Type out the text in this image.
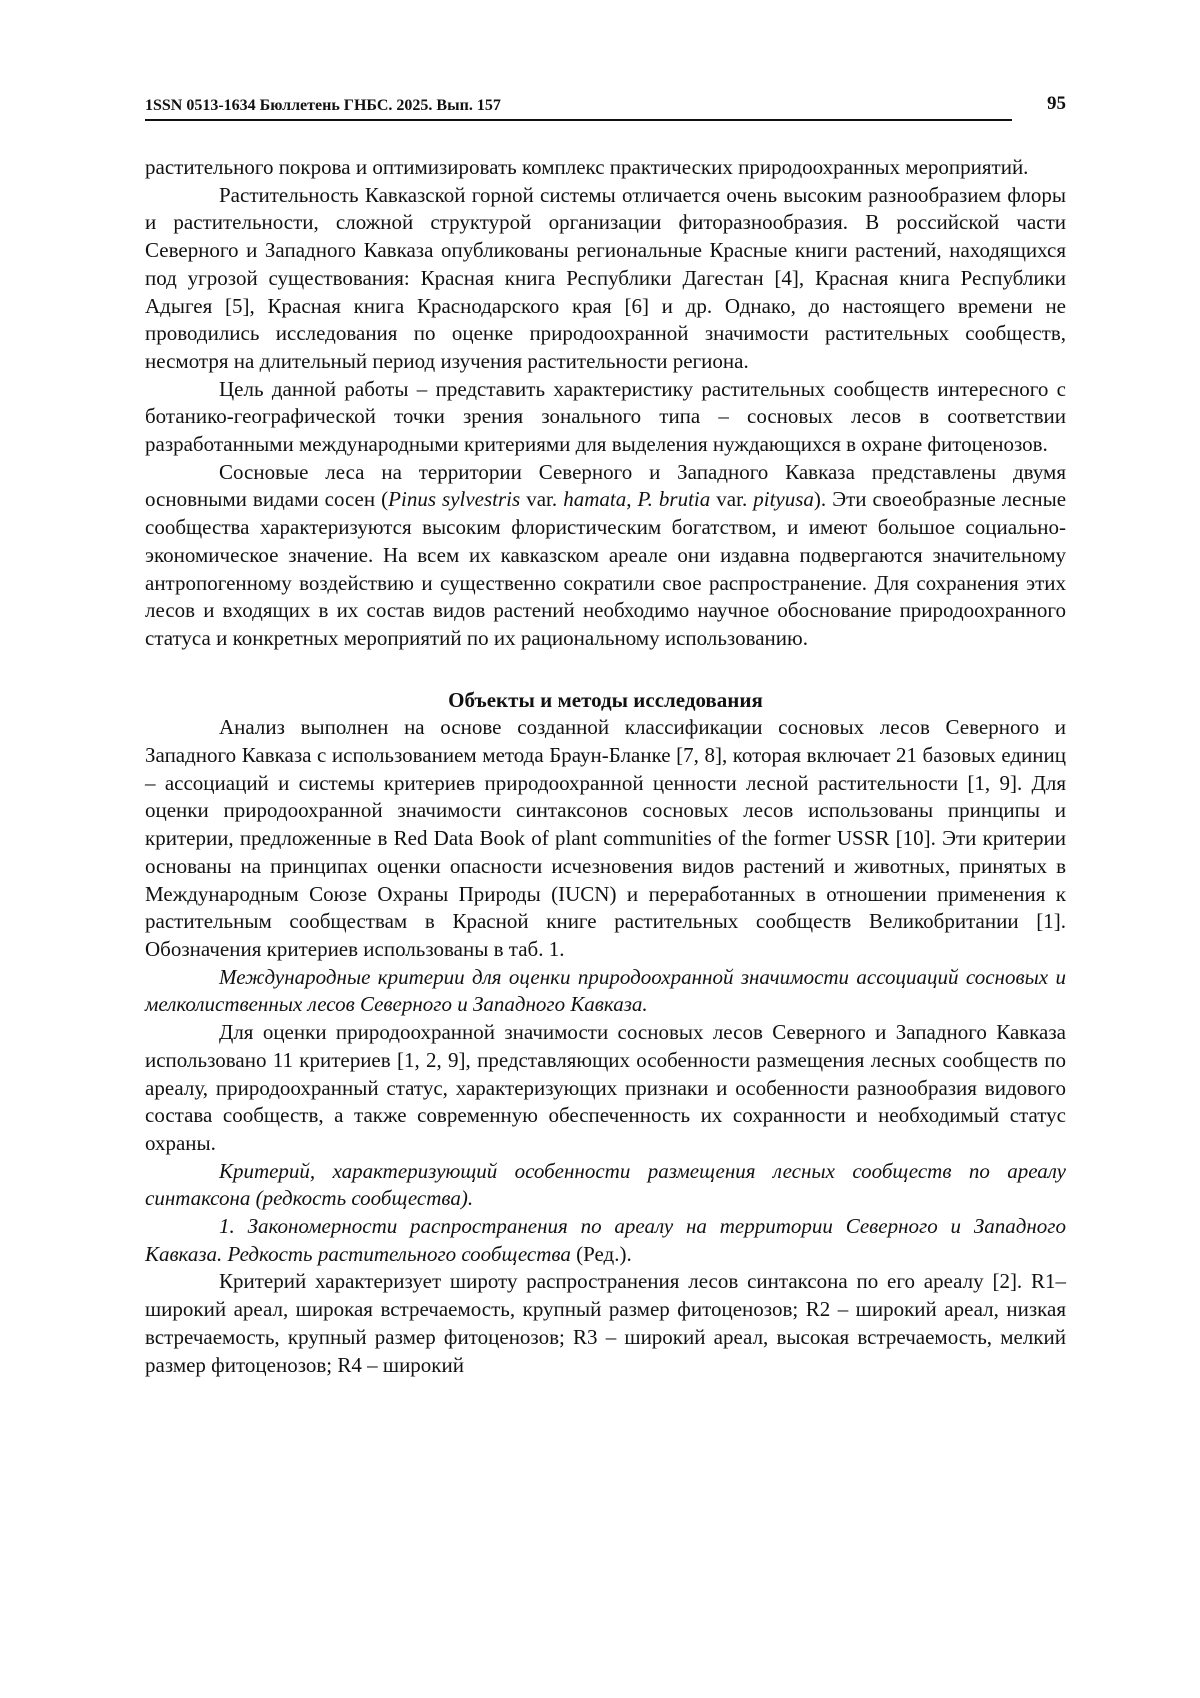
1SSN 0513-1634 Бюллетень ГНБС. 2025. Вып. 157	95

растительного покрова и оптимизировать комплекс практических природоохранных мероприятий.

Растительность Кавказской горной системы отличается очень высоким разнообразием флоры и растительности, сложной структурой организации фиторазнообразия. В российской части Северного и Западного Кавказа опубликованы региональные Красные книги растений, находящихся под угрозой существования: Красная книга Республики Дагестан [4], Красная книга Республики Адыгея [5], Красная книга Краснодарского края [6] и др. Однако, до настоящего времени не проводились исследования по оценке природоохранной значимости растительных сообществ, несмотря на длительный период изучения растительности региона.

Цель данной работы – представить характеристику растительных сообществ интересного с ботанико-географической точки зрения зонального типа – сосновых лесов в соответствии разработанными международными критериями для выделения нуждающихся в охране фитоценозов.

Сосновые леса на территории Северного и Западного Кавказа представлены двумя основными видами сосен (Pinus sylvestris var. hamata, P. brutia var. pityusa). Эти своеобразные лесные сообщества характеризуются высоким флористическим богатством, и имеют большое социально-экономическое значение. На всем их кавказском ареале они издавна подвергаются значительному антропогенному воздействию и существенно сократили свое распространение. Для сохранения этих лесов и входящих в их состав видов растений необходимо научное обоснование природоохранного статуса и конкретных мероприятий по их рациональному использованию.

Объекты и методы исследования

Анализ выполнен на основе созданной классификации сосновых лесов Северного и Западного Кавказа с использованием метода Браун-Бланке [7, 8], которая включает 21 базовых единиц – ассоциаций и системы критериев природоохранной ценности лесной растительности [1, 9]. Для оценки природоохранной значимости синтаксонов сосновых лесов использованы принципы и критерии, предложенные в Red Data Book of plant communities of the former USSR [10]. Эти критерии основаны на принципах оценки опасности исчезновения видов растений и животных, принятых в Международным Союзе Охраны Природы (IUCN) и переработанных в отношении применения к растительным сообществам в Красной книге растительных сообществ Великобритании [1]. Обозначения критериев использованы в таб. 1.

Международные критерии для оценки природоохранной значимости ассоциаций сосновых и мелколиственных лесов Северного и Западного Кавказа.

Для оценки природоохранной значимости сосновых лесов Северного и Западного Кавказа использовано 11 критериев [1, 2, 9], представляющих особенности размещения лесных сообществ по ареалу, природоохранный статус, характеризующих признаки и особенности разнообразия видового состава сообществ, а также современную обеспеченность их сохранности и необходимый статус охраны.

Критерий, характеризующий особенности размещения лесных сообществ по ареалу синтаксона (редкость сообщества).

1. Закономерности распространения по ареалу на территории Северного и Западного Кавказа. Редкость растительного сообщества (Ред.).

Критерий характеризует широту распространения лесов синтаксона по его ареалу [2]. R1– широкий ареал, широкая встречаемость, крупный размер фитоценозов; R2 – широкий ареал, низкая встречаемость, крупный размер фитоценозов; R3 – широкий ареал, высокая встречаемость, мелкий размер фитоценозов; R4 – широкий
